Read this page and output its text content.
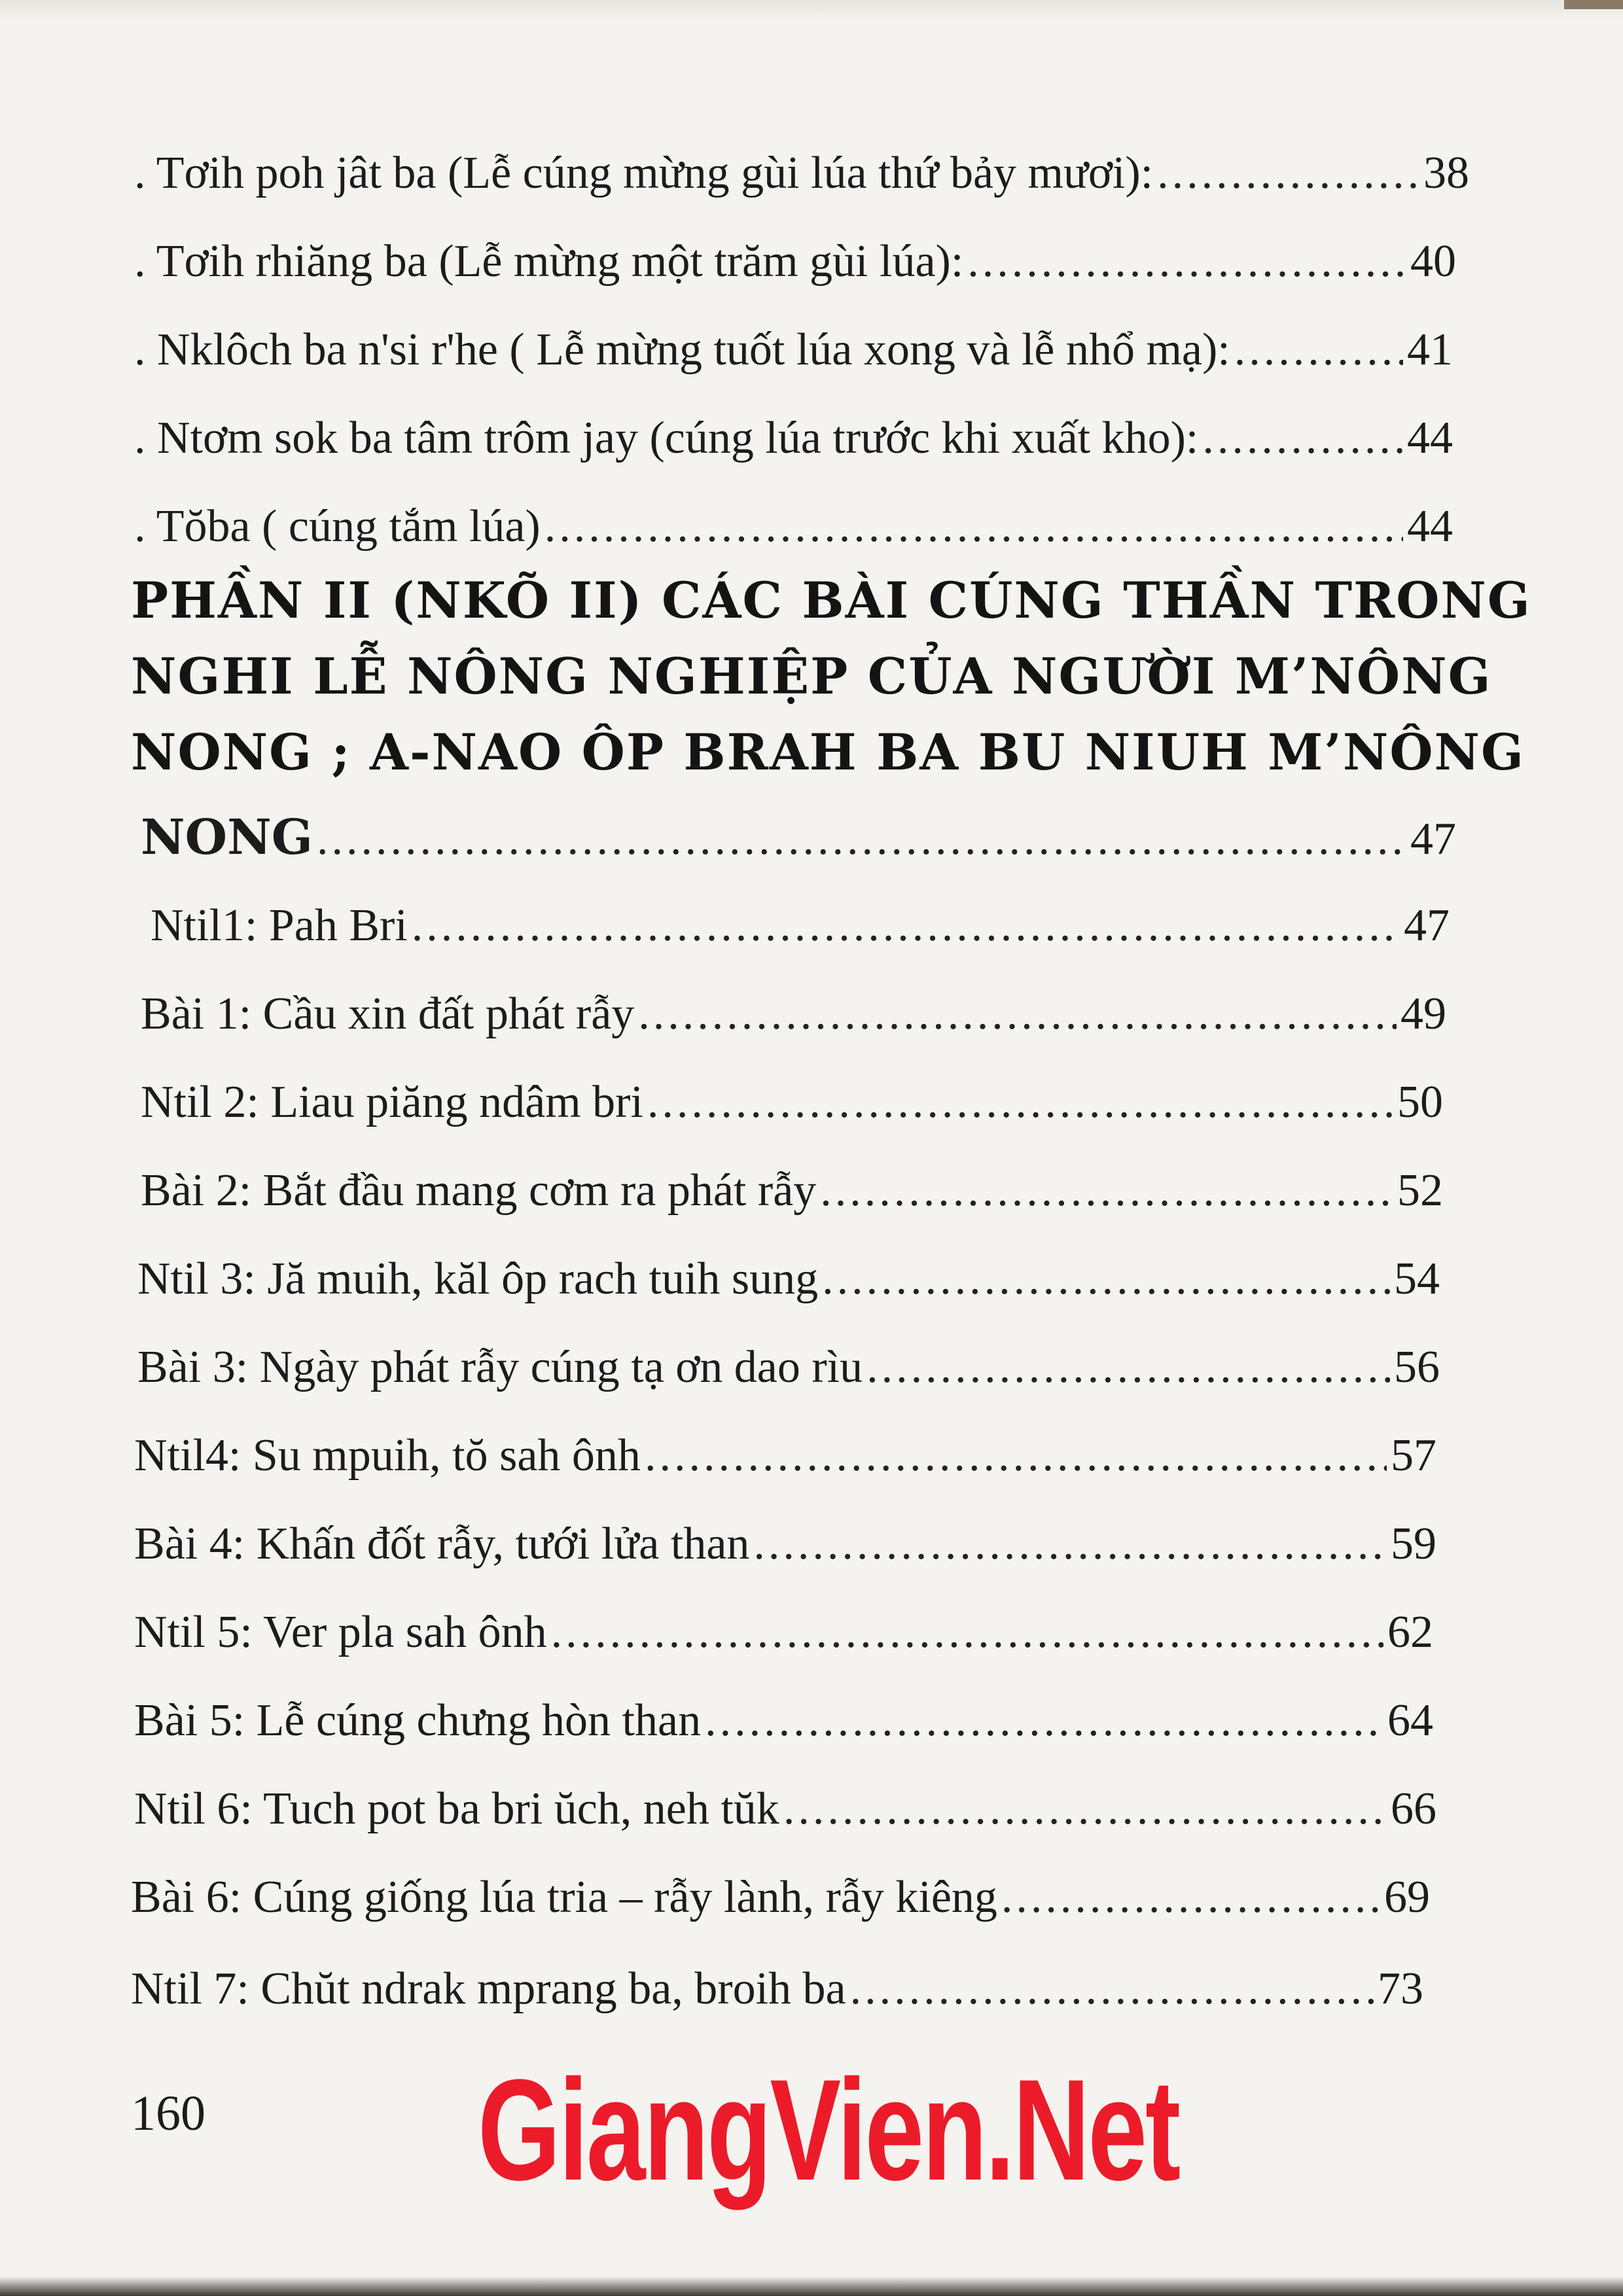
. Tơih poh jât ba (Lễ cúng mừng gùi lúa thứ bảy mươi): .....	38
. Tơih rhiăng ba (Lễ mừng một trăm gùi lúa): .....	40
. Nklôch ba n'si r'he ( Lễ mừng tuốt lúa xong và lễ nhổ mạ): .....	41
. Ntơm sok ba tâm trôm jay (cúng lúa trước khi xuất kho): .....	44
. Tŏba ( cúng tắm lúa) .....	44
PHẦN II (NKÕ II) CÁC BÀI CÚNG THẦN TRONG
NGHI LỄ NÔNG NGHIỆP CỦA NGƯỜI M’NÔNG
NONG ; A-NAO ÔP BRAH BA BU NIUH M’NÔNG
NONG .....	47
Ntil1: Pah Bri .....	47
Bài 1: Cầu xin đất phát rẫy .....	49
Ntil 2: Liau piăng ndâm bri .....	50
Bài 2: Bắt đầu mang cơm ra phát rẫy .....	52
Ntil 3: Jă muih, kăl ôp rach tuih sung .....	54
Bài 3: Ngày phát rẫy cúng tạ ơn dao rìu .....	56
Ntil4: Su mpuih, tŏ sah ônh .....	57
Bài 4: Khấn đốt rẫy, tưới lửa than .....	59
Ntil 5: Ver pla sah ônh .....	62
Bài 5: Lễ cúng chưng hòn than .....	64
Ntil 6: Tuch pot ba bri ŭch, neh tŭk .....	66
Bài 6: Cúng giống lúa tria – rẫy lành, rẫy kiêng .....	69
Ntil 7: Chŭt ndrak mprang ba, broih ba .....	73
160 GiangVien.Net
